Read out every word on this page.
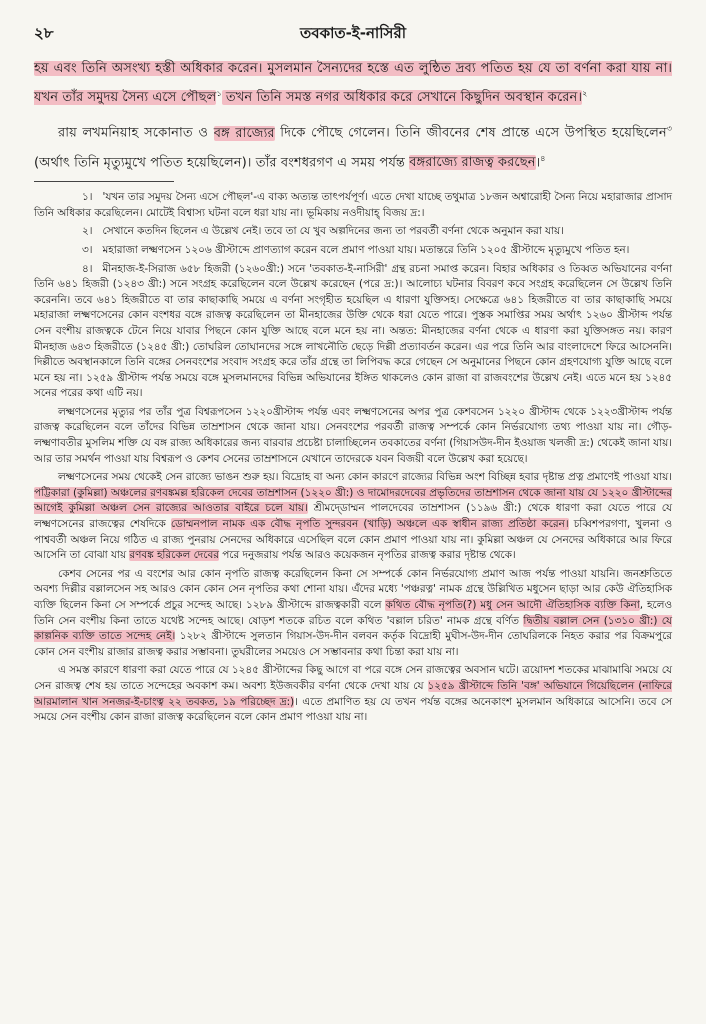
২৮	তবকাত-ই-নাসিরী

হয় এবং তিনি অসংখ্য হস্তী অধিকার করেন। মুসলমান সৈন্যদের হস্তে এত লুন্ঠিত দ্রব্য পতিত হয় যে তা বর্ণনা করা যায় না। যখন তাঁর সমুদয় সৈন্য এসে পৌছল$^১$ তখন তিনি সমস্ত নগর অধিকার করে সেখানে কিছুদিন অবস্থান করেন।$^২$

রায় লখমনিয়াহ সকোনাত ও বঙ্গ রাজ্যের দিকে পৌছে গেলেন। তিনি জীবনের শেষ প্রান্তে এসে উপস্থিত হয়েছিলেন$^৩$ (অর্থাৎ তিনি মৃত্যুমুখে পতিত হয়েছিলেন)। তাঁর বংশধরগণ এ সময় পর্যন্ত বঙ্গরাজ্যে রাজত্ব করছেন।$^৪$

১। 'যখন তার সমুদয় সৈন্য এসে পৌছল'-এ বাক্য অত্যন্ত তাৎপর্যপূর্ণ। এতে দেখা যাচ্ছে তথুমাত্র ১৮জন অশ্বারোহী সৈন্য নিয়ে মহারাজার প্রাসাদ তিনি অধিকার করেছিলেন। মোটেই বিশ্বাস্য ঘটনা বলে ধরা যায় না। ভূমিকায় নওদীয়াহ্‌ বিজয় দ্র:।

২। সেখানে কতদিন ছিলেন এ উল্লেখ নেই। তবে তা যে খুব অল্পদিনের জন্য তা পরবর্তী বর্ণনা থেকে অনুমান করা যায়।

৩। মহারাজা লক্ষ্মণসেন ১২০৬ খ্রীস্টাব্দে প্রাণত্যাগ করেন বলে প্রমাণ পাওয়া যায়। মতান্তরে তিনি ১২০৫ খ্রীস্টাব্দে মৃত্যুমুখে পতিত হন।

৪। মীনহাজ-ই-সিরাজ ৬৫৮ হিজরী (১২৬০খ্রী:) সনে 'তবকাত-ই-নাসিরী' গ্রন্থ রচনা সমাপ্ত করেন। বিহার অধিকার ও তিব্বত অভিযানের বর্ণনা তিনি ৬৪১ হিজরী (১২৪৩ খ্রী:) সনে সংগ্রহ করেছিলেন বলে উল্লেখ করেছেন (পরে দ্র:)। আলোচ্য ঘটনার বিবরণ কবে সংগ্রহ করেছিলেন সে উল্লেখ তিনি করেননি। তবে ৬৪১ হিজরীতে বা তার কাছাকাছি সময়ে এ বর্ণনা সংগৃহীত হয়েছিল এ ধারণা যুক্তিসহ। সেক্ষেত্রে ৬৪১ হিজরীতে বা তার কাছাকাছি সময়ে মহারাজা লক্ষ্মণসেনের কোন বংশধর বঙ্গে রাজত্ব করেছিলেন তা মীনহাজের উক্তি থেকে ধরা যেতে পারে। পুস্তক সমাপ্তির সময় অর্থাৎ ১২৬০ খ্রীস্টাব্দ পর্যন্ত সেন বংশীয় রাজত্বকে টেনে নিয়ে যাবার পিছনে কোন যুক্তি আছে বলে মনে হয় না। অন্তত: মীনহাজের বর্ণনা থেকে এ ধারণা করা যুক্তিসঙ্গত নয়। কারণ মীনহাজ ৬৪৩ হিজরীতে (১২৪৫ খ্রী:) তোঘরিল তোঘানদের সঙ্গে লাখনৌতি ছেড়ে দিল্লী প্রত্যাবর্তন করেন। এর পরে তিনি আর বাংলাদেশে ফিরে আসেননি। দিল্লীতে অবস্থানকালে তিনি বঙ্গের সেনবংশের সংবাদ সংগ্রহ করে তাঁর গ্রন্থে তা লিপিবদ্ধ করে গেছেন সে অনুমানের পিছনে কোন গ্রহণযোগ্য যুক্তি আছে বলে মনে হয় না। ১২৫৯ খ্রীস্টাব্দ পর্যন্ত সময়ে বঙ্গে মুসলমানদের বিভিন্ন অভিযানের ইঙ্গিত থাকলেও কোন রাজা বা রাজবংশের উল্লেখ নেই। এতে মনে হয় ১২৪৫ সনের পরের কথা এটি নয়।

লক্ষ্মণসেনের মৃত্যুর পর তাঁর পুত্র বিশ্বরূপসেন ১২২০খ্রীস্টাব্দ পর্যন্ত এবং লক্ষ্মণসেনের অপর পুত্র কেশবসেন ১২২০ খ্রীস্টাব্দ থেকে ১২২৩খ্রীস্টাব্দ পর্যন্ত রাজত্ব করেছিলেন বলে তাঁদের বিভিন্ন তাম্রশাসন থেকে জানা যায়। সেনবংশের পরবর্তী রাজত্ব সম্পর্কে কোন নির্ভরযোগ্য তথ্য পাওয়া যায় না। গৌড়-লক্ষ্মণাবতীর মুসলিম শক্তি যে বঙ্গ রাজ্য অধিকারের জন্য বারবার প্রচেষ্টা চালাচ্ছিলেন তবকাতের বর্ণনা (গিয়াসউদ-দীন ইওয়াজ খলজী দ্র:) থেকেই জানা যায়। আর তার সমর্থন পাওয়া যায় বিশ্বরূপ ও কেশব সেনের তাম্রশাসনে যেখানে তাদেরকে যবন বিজয়ী বলে উল্লেখ করা হয়েছে।

লক্ষ্মণসেনের সময় থেকেই সেন রাজ্যে ভাঙন শুরু হয়। বিদ্রোহ বা অন্য কোন কারণে রাজ্যের বিভিন্ন অংশ বিচ্ছিন্ন হবার দৃষ্টান্ত প্রত্ন প্রমাণেই পাওয়া যায়। পট্টিকারা (কুমিল্লা) অঞ্চলের রণবঙ্কমল্ল হরিকেল দেবের তাম্রশাসন (১২২০ খ্রী:) ও দামোদরদেবের প্রভৃতিদের তাম্রশাসন থেকে জানা যায় যে ১২২০ খ্রীস্টাব্দের আগেই কুমিল্লা অঞ্চল সেন রাজ্যের আওতার বাইরে চলে যায়। শ্রীমদ্ডোম্মন পালদেবের তাম্রশাসন (১১৯৬ খ্রী:) থেকে ধারণা করা যেতে পারে যে লক্ষ্মণসেনের রাজত্বের শেষদিকে ডোম্মনপাল নামক এক বৌদ্ধ নৃপতি সুন্দরবন (খাড়ি) অঞ্চলে এক স্বাধীন রাজ্য প্রতিষ্ঠা করেন। চব্বিশপরগণা, খুলনা ও পাশ্ববর্তী অঞ্চল নিয়ে গঠিত এ রাজ্য পুনরায় সেনদের অধিকারে এসেছিল বলে কোন প্রমাণ পাওয়া যায় না। কুমিল্লা অঞ্চল যে সেনদের অধিকারে আর ফিরে আসেনি তা বোঝা যায় রণবঙ্ক হরিকেল দেবের পরে দনুজরায় পর্যন্ত আরও কয়েকজন নৃপতির রাজত্ব করার দৃষ্টান্ত থেকে।

কেশব সেনের পর এ বংশের আর কোন নৃপতি রাজত্ব করেছিলেন কিনা সে সম্পর্কে কোন নির্ভরযোগ্য প্রমাণ আজ পর্যন্ত পাওয়া যায়নি। জনশ্রুতিতে অবশ্য দিল্লীর বল্লালসেন সহ আরও কোন কোন সেন নৃপতির কথা শোনা যায়। এঁদের মধ্যে 'পঞ্চরত্ন' নামক গ্রন্থে উল্লিখিত মধুসেন ছাড়া আর কেউ ঐতিহাসিক ব্যক্তি ছিলেন কিনা সে সম্পর্কে প্রচুর সন্দেহ আছে। ১২৮৯ খ্রীস্টাব্দে রাজত্বকারী বলে কথিত বৌদ্ধ নৃপতি(?) মধু সেন আদৌ ঐতিহাসিক ব্যক্তি কিনা, হলেও তিনি সেন বংশীয় কিনা তাতে যথেষ্ট সন্দেহ আছে। ষোড়শ শতকে রচিত বলে কথিত 'বল্লাল চরিত' নামক গ্রন্থে বর্ণিত দ্বিতীয় বল্লাল সেন (১৩১০ খ্রী:) যে কাল্পনিক ব্যক্তি তাতে সন্দেহ নেই। ১২৮২ খ্রীস্টাব্দে সুলতান গিয়াস-উদ-দীন বলবন কর্তৃক বিদ্রোহী মুঘীস-উদ-দীন তোঘরিলকে নিহত করার পর বিক্রমপুরে কোন সেন বংশীয় রাজার রাজত্ব করার সম্ভাবনা। তুঘরীলের সময়েও সে সম্ভাবনার কথা চিন্তা করা যায় না।

এ সমস্ত কারণে ধারণা করা যেতে পারে যে ১২৪৫ খ্রীস্টাব্দের কিছু আগে বা পরে বঙ্গে সেন রাজত্বের অবসান ঘটে। ত্রয়োদশ শতকের মাঝামাঝি সময়ে যে সেন রাজত্ব শেষ হয় তাতে সন্দেহের অবকাশ কম। অবশ্য ইউজবকীর বর্ণনা থেকে দেখা যায় যে ১২৫৯ খ্রীস্টাব্দে তিনি 'বঙ্গ' অভিযানে গিয়েছিলেন (নাফিরে আরমালান খান সনজর-ই-চাংত্ব ২২ তবকত, ১৯ পরিচ্ছেদ দ্র:)। এতে প্রমাণিত হয় যে তখন পর্যন্ত বঙ্গের অনেকাংশ মুসলমান অধিকারে আসেনি। তবে সে সময়ে সেন বংশীয় কোন রাজা রাজত্ব করেছিলেন বলে কোন প্রমাণ পাওয়া যায় না।
